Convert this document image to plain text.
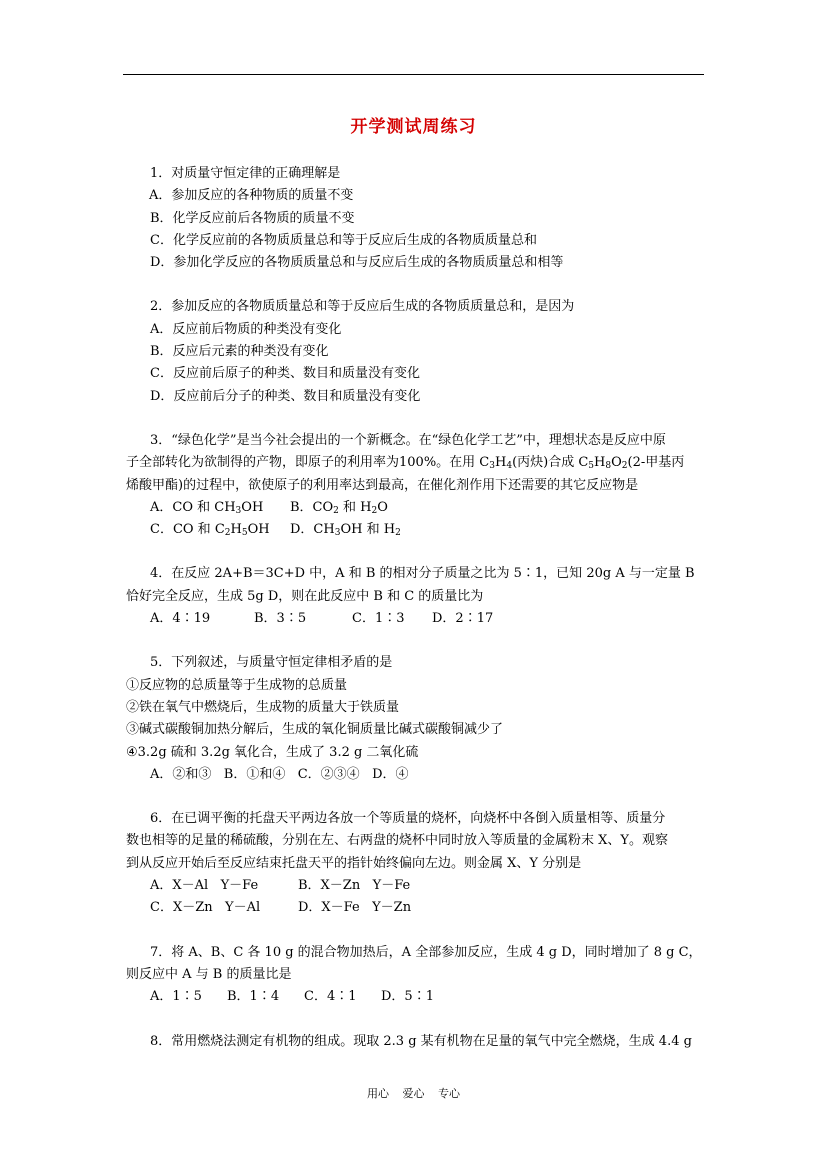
开学测试周练习
1．对质量守恒定律的正确理解是
A．参加反应的各种物质的质量不变
B．化学反应前后各物质的质量不变
C．化学反应前的各物质质量总和等于反应后生成的各物质质量总和
D．参加化学反应的各物质质量总和与反应后生成的各物质质量总和相等
2．参加反应的各物质质量总和等于反应后生成的各物质质量总和，是因为
A．反应前后物质的种类没有变化
B．反应后元素的种类没有变化
C．反应前后原子的种类、数目和质量没有变化
D．反应前后分子的种类、数目和质量没有变化
3．“绿色化学”是当今社会提出的一个新概念。在“绿色化学工艺”中，理想状态是反应中原
子全部转化为欲制得的产物，即原子的利用率为100%。在用 $C_3H_4$(丙炔)合成 $C_5H_8O_2(2-$甲基丙
烯酸甲酯)的过程中，欲使原子的利用率达到最高，在催化剂作用下还需要的其它反应物是
A．CO 和 $CH_3OH$ B．$CO_2$ 和 $H_2O$
C．CO 和 $C_2H_5OH$ D．$CH_3OH$ 和 $H_2$
4．在反应 2A+B＝3C+D 中，A 和 B 的相对分子质量之比为 5∶1，已知 20g A 与一定量 B
恰好完全反应，生成 5g D，则在此反应中 B 和 C 的质量比为
A．4∶19	B．3∶5	C．1∶3 D．2∶17
5．下列叙述，与质量守恒定律相矛盾的是
①反应物的总质量等于生成物的总质量
②铁在氧气中燃烧后，生成物的质量大于铁质量
③碱式碳酸铜加热分解后，生成的氧化铜质量比碱式碳酸铜减少了
④3.2g 硫和 3.2g 氧化合，生成了 3.2 g 二氧化硫
A．②和③   B．①和④   C．②③④   D．④
6．在已调平衡的托盘天平两边各放一个等质量的烧杯，向烧杯中各倒入质量相等、质量分
数也相等的足量的稀硫酸，分别在左、右两盘的烧杯中同时放入等质量的金属粉末 X、Y。观察
到从反应开始后至反应结束托盘天平的指针始终偏向左边。则金属 X、Y 分别是
A．X－Al   Y－Fe	B．X－Zn   Y－Fe
C．X－Zn   Y－Al	D．X－Fe   Y－Zn
7．将 A、B、C 各 10 g 的混合物加热后，A 全部参加反应，生成 4 g D，同时增加了 8 g C，
则反应中 A 与 B 的质量比是
A．1∶5 B．1∶4 C．4∶1 D．5∶1
8．常用燃烧法测定有机物的组成。现取 2.3 g 某有机物在足量的氧气中完全燃烧，生成 4.4 g
用心 爱心 专心
